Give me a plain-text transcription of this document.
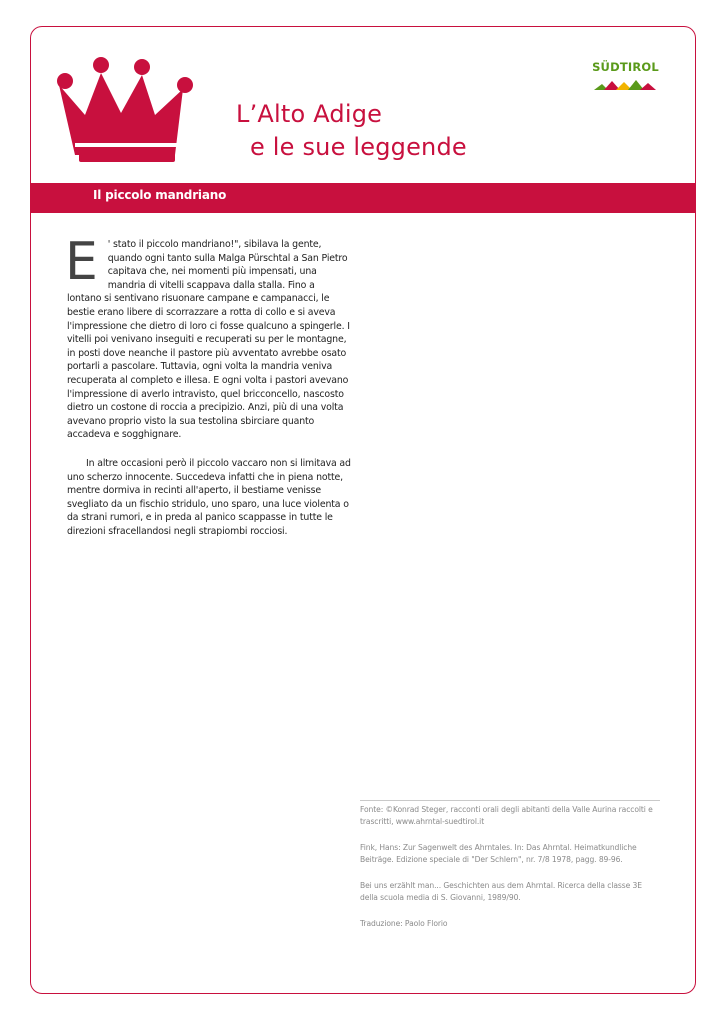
L’Alto Adige
e le sue leggende
SÜDTIROL
Il piccolo mandriano
E	' stato il piccolo mandriano!", sibilava la gente, quando ogni tanto sulla Malga Pürschtal a San Pietro capitava che, nei momenti più impensati, una mandria di vitelli scappava dalla stalla. Fino a lontano si sentivano risuonare campane e campanacci, le bestie erano libere di scorrazzare a rotta di collo e si aveva l'impressione che dietro di loro ci fosse qualcuno a spingerle. I vitelli poi venivano inseguiti e recuperati su per le montagne, in posti dove neanche il pastore più avventato avrebbe osato portarli a pascolare. Tuttavia, ogni volta la mandria veniva recuperata al completo e illesa. E ogni volta i pastori avevano l'impressione di averlo intravisto, quel bricconcello, nascosto dietro un costone di roccia a precipizio. Anzi, più di una volta avevano proprio visto la sua testolina sbirciare quanto accadeva e sogghignare.

In altre occasioni però il piccolo vaccaro non si limitava ad uno scherzo innocente. Succedeva infatti che in piena notte, mentre dormiva in recinti all'aperto, il bestiame venisse svegliato da un fischio stridulo, uno sparo, una luce violenta o da strani rumori, e in preda al panico scappasse in tutte le direzioni sfracellandosi negli strapiombi rocciosi.

Fonte: ©Konrad Steger, racconti orali degli abitanti della Valle Aurina raccolti e trascritti, www.ahrntal-suedtirol.it

Fink, Hans: Zur Sagenwelt des Ahrntales. In: Das Ahrntal. Heimatkundliche Beiträge. Edizione speciale di "Der Schlern", nr. 7/8 1978, pagg. 89-96.

Bei uns erzählt man... Geschichten aus dem Ahrntal. Ricerca della classe 3E della scuola media di S. Giovanni, 1989/90.

Traduzione: Paolo Florio
